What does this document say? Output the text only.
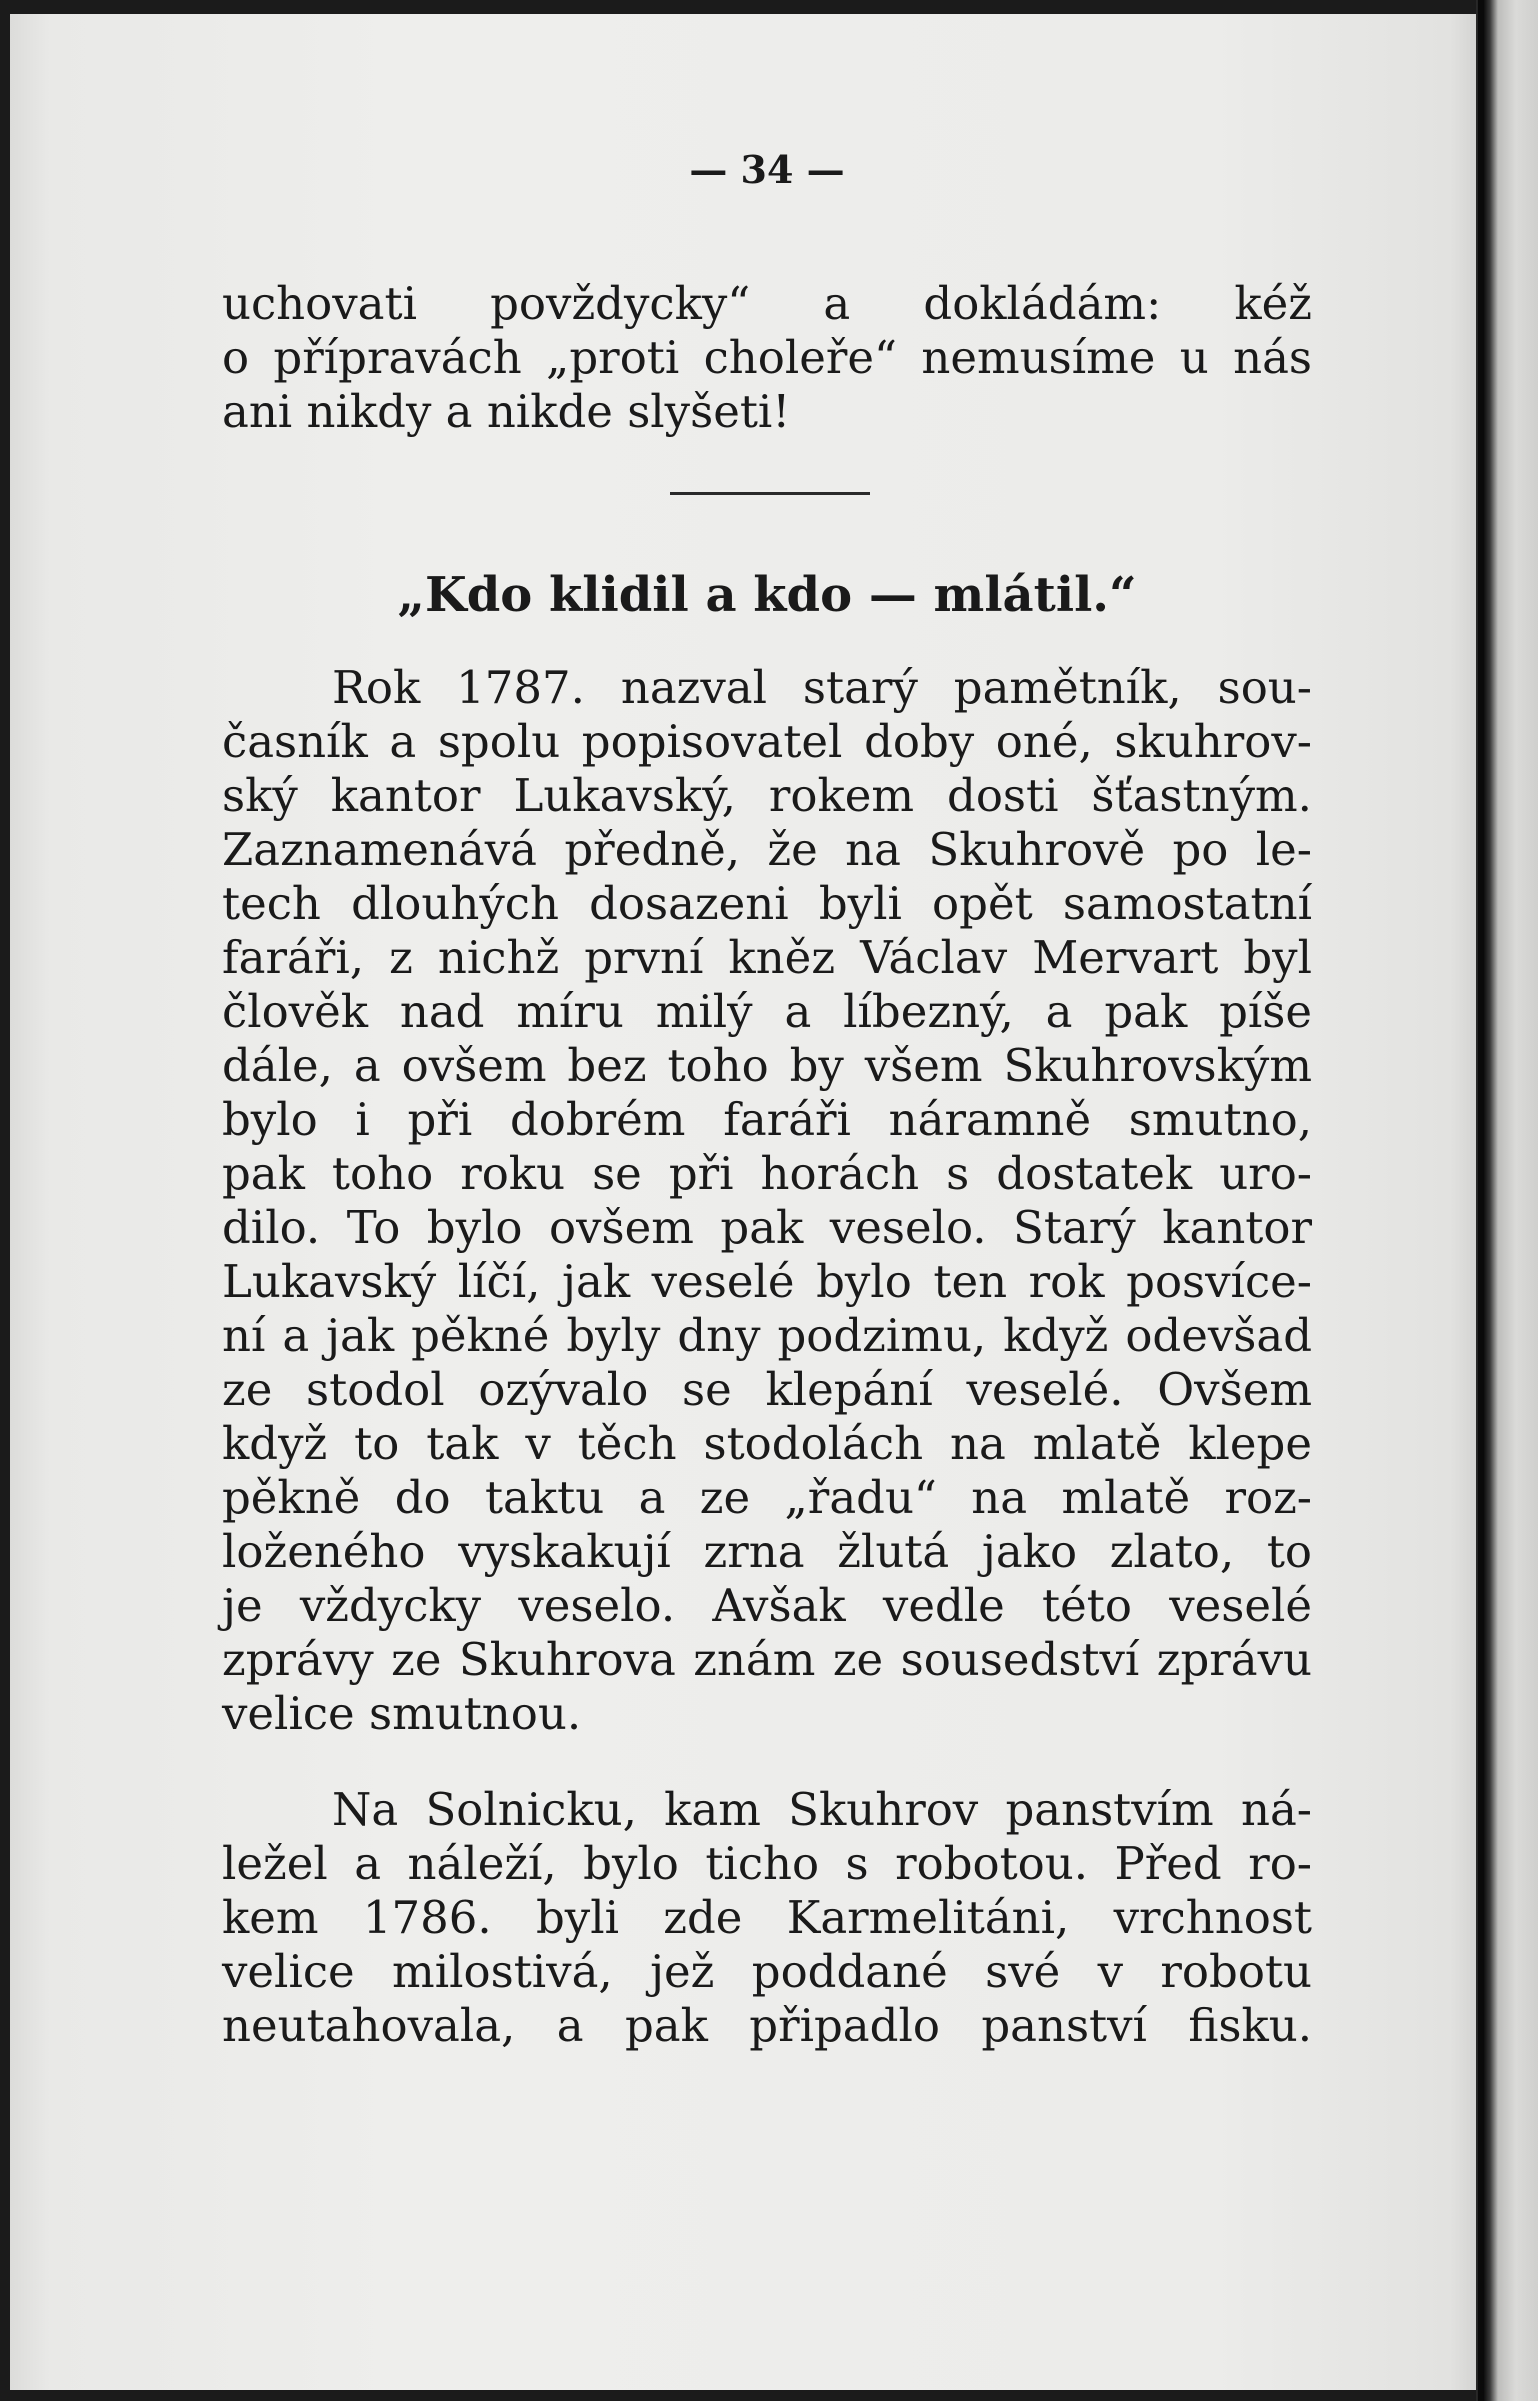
— 34 —
uchovati povždycky“ a dokládám: kéž
o přípravách „proti choleře“ nemusíme u nás
ani nikdy a nikde slyšeti!
„Kdo klidil a kdo — mlátil.“
Rok 1787. nazval starý pamětník, sou-
časník a spolu popisovatel doby oné, skuhrov-
ský kantor Lukavský, rokem dosti šťastným.
Zaznamenává předně, že na Skuhrově po le-
tech dlouhých dosazeni byli opět samostatní
faráři, z nichž první kněz Václav Mervart byl
člověk nad míru milý a líbezný, a pak píše
dále, a ovšem bez toho by všem Skuhrovským
bylo i při dobrém faráři náramně smutno,
pak toho roku se při horách s dostatek uro-
dilo. To bylo ovšem pak veselo. Starý kantor
Lukavský líčí, jak veselé bylo ten rok posvíce-
ní a jak pěkné byly dny podzimu, když odevšad
ze stodol ozývalo se klepání veselé. Ovšem
když to tak v těch stodolách na mlatě klepe
pěkně do taktu a ze „řadu“ na mlatě roz-
loženého vyskakují zrna žlutá jako zlato, to
je vždycky veselo. Avšak vedle této veselé
zprávy ze Skuhrova znám ze sousedství zprávu
velice smutnou.
Na Solnicku, kam Skuhrov panstvím ná-
ležel a náleží, bylo ticho s robotou. Před ro-
kem 1786. byli zde Karmelitáni, vrchnost
velice milostivá, jež poddané své v robotu
neutahovala, a pak připadlo panství fisku.
